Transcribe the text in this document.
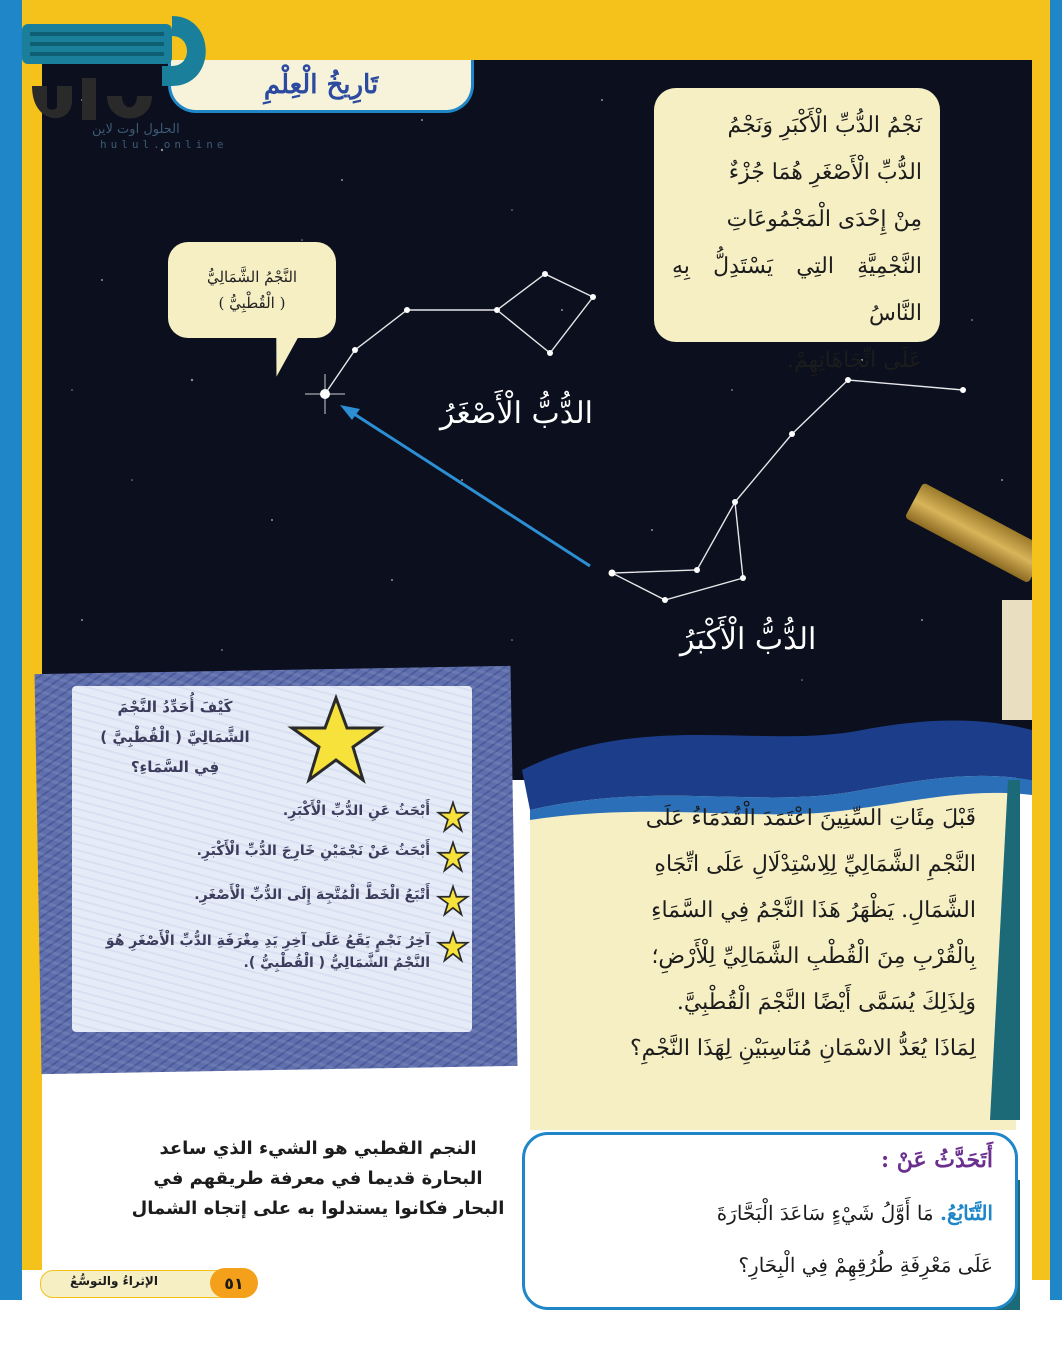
تَارِيخُ الْعِلْمِ
الحلول اوت لاين
hulul.online

نَجْمُ الدُّبِّ الْأَكْبَرِ وَنَجْمُ

الدُّبِّ الْأَصْغَرِ هُمَا جُزْءٌ

مِنْ إِحْدَى الْمَجْمُوعَاتِ

النَّجْمِيَّةِ التِي يَسْتَدِلُّ بِهِ النَّاسُ

عَلَى اتِّجَاهَاتِهِمْ.

النَّجْمُ الشَّمَالِيُّ
( الْقُطْبِيُّ )
الدُّبُّ الْأَصْغَرُ
الدُّبُّ الْأَكْبَرُ

قَبْلَ مِئَاتِ السِّنِينَ اعْتَمَدَ الْقُدَمَاءُ عَلَى

النَّجْمِ الشَّمَالِيِّ لِلِاسْتِدْلَالِ عَلَى اتِّجَاهِ

الشَّمَالِ. يَظْهَرُ هَذَا النَّجْمُ فِي السَّمَاءِ

بِالْقُرْبِ مِنَ الْقُطْبِ الشَّمَالِيِّ لِلْأَرْضِ؛

وَلِذَلِكَ يُسَمَّى أَيْضًا النَّجْمَ الْقُطْبِيَّ.

لِمَاذَا يُعَدُّ الاسْمَانِ مُنَاسِبَيْنِ لِهَذَا النَّجْمِ؟

كَيْفَ أُحَدِّدُ النَّجْمَ
الشَّمَالِيَّ ( الْقُطْبِيَّ )
فِي السَّمَاءِ؟
أَبْحَثُ عَنِ الدُّبِّ الْأَكْبَرِ.
أَبْحَثُ عَنْ نَجْمَيْنِ خَارِجَ الدُّبِّ الْأَكْبَرِ.
أَتْبَعُ الْخَطَّ الْمُتَّجِهَ إِلَى الدُّبِّ الْأَصْغَرِ.
آخِرُ نَجْمٍ يَقَعُ عَلَى آخِرِ يَدِ مِغْرَفَةِ الدُّبِّ الْأَصْغَرِ هُوَ النَّجْمُ الشَّمَالِيُّ ( الْقُطْبِيُّ ).
أَتَحَدَّثُ عَنْ :
التَّتَابُعُ. مَا أَوَّلُ شَيْءٍ سَاعَدَ الْبَحَّارَةَ
عَلَى مَعْرِفَةِ طُرُقِهِمْ فِي الْبِحَارِ؟
النجم القطبي هو الشيء الذي ساعد البحارة قديما في معرفة طريقهم في البحار فكانوا يستدلوا به على إتجاه الشمال
الإثراءُ والتوسُّعُ	٥١
